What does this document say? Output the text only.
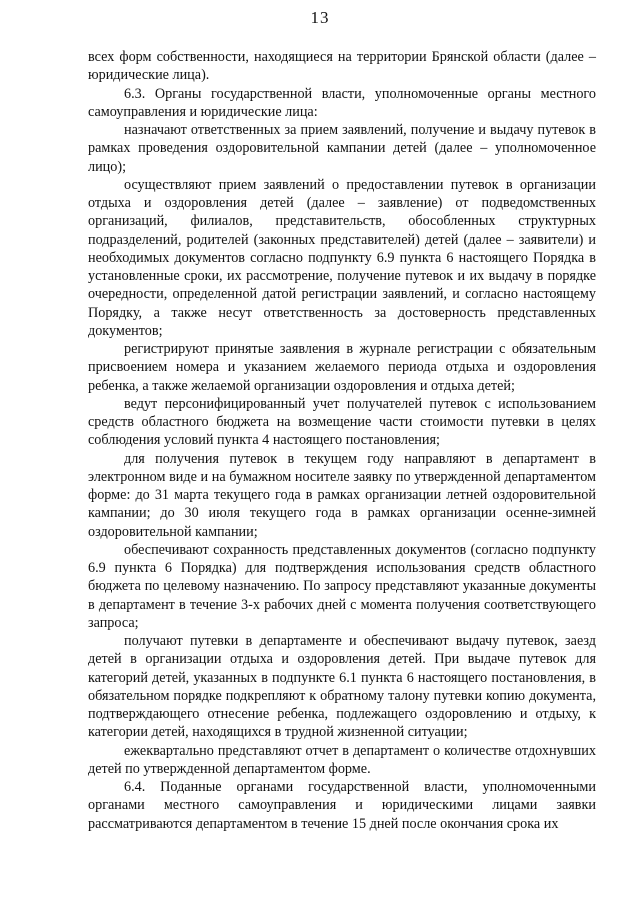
13

всех форм собственности, находящиеся на территории Брянской области (далее – юридические лица).

6.3. Органы государственной власти, уполномоченные органы местного самоуправления и юридические лица:

назначают ответственных за прием заявлений, получение и выдачу путевок в рамках проведения оздоровительной кампании детей (далее – уполномоченное лицо);

осуществляют прием заявлений о предоставлении путевок в организации отдыха и оздоровления детей (далее – заявление) от подведомственных организаций, филиалов, представительств, обособленных структурных подразделений, родителей (законных представителей) детей (далее – заявители) и необходимых документов согласно подпункту 6.9 пункта 6 настоящего Порядка в установленные сроки, их рассмотрение, получение путевок и их выдачу в порядке очередности, определенной датой регистрации заявлений, и согласно настоящему Порядку, а также несут ответственность за достоверность представленных документов;

регистрируют принятые заявления в журнале регистрации с обязательным присвоением номера и указанием желаемого периода отдыха и оздоровления ребенка, а также желаемой организации оздоровления и отдыха детей;

ведут персонифицированный учет получателей путевок с использованием средств областного бюджета на возмещение части стоимости путевки в целях соблюдения условий пункта 4 настоящего постановления;

для получения путевок в текущем году направляют в департамент в электронном виде и на бумажном носителе заявку по утвержденной департаментом форме: до 31 марта текущего года в рамках организации летней оздоровительной кампании; до 30 июля текущего года в рамках организации осенне-зимней оздоровительной кампании;

обеспечивают сохранность представленных документов (согласно подпункту 6.9 пункта 6 Порядка) для подтверждения использования средств областного бюджета по целевому назначению. По запросу представляют указанные документы в департамент в течение 3-х рабочих дней с момента получения соответствующего запроса;

получают путевки в департаменте и обеспечивают выдачу путевок, заезд детей в организации отдыха и оздоровления детей. При выдаче путевок для категорий детей, указанных в подпункте 6.1 пункта 6 настоящего постановления, в обязательном порядке подкрепляют к обратному талону путевки копию документа, подтверждающего отнесение ребенка, подлежащего оздоровлению и отдыху, к категории детей, находящихся в трудной жизненной ситуации;

ежеквартально представляют отчет в департамент о количестве отдохнувших детей по утвержденной департаментом форме.

6.4. Поданные органами государственной власти, уполномоченными органами местного самоуправления и юридическими лицами заявки рассматриваются департаментом в течение 15 дней после окончания срока их
